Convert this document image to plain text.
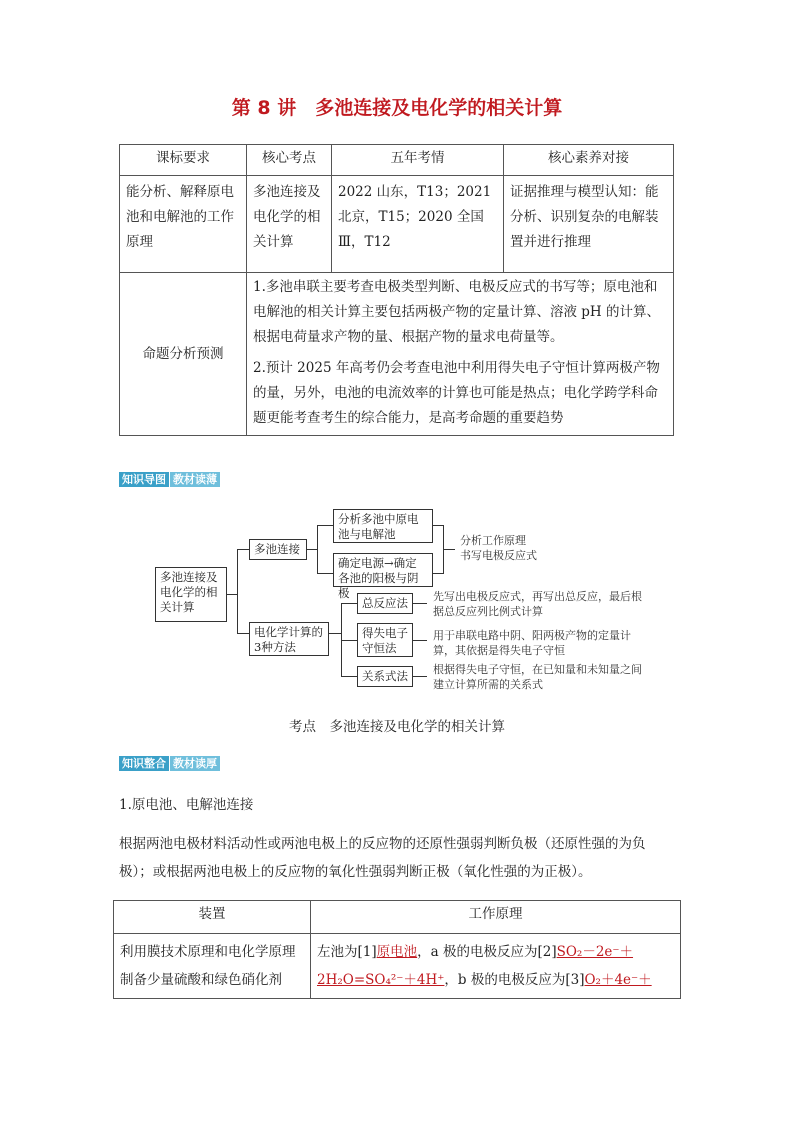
第 8 讲　多池连接及电化学的相关计算
课标要求	核心考点	五年考情	核心素养对接
能分析、解释原电池和电解池的工作原理	多池连接及电化学的相关计算	2022 山东，T13；2021 北京，T15；2020 全国Ⅲ，T12	证据推理与模型认知：能分析、识别复杂的电解装置并进行推理
命题分析预测	1.多池串联主要考查电极类型判断、电极反应式的书写等；原电池和电解池的相关计算主要包括两极产物的定量计算、溶液 pH 的计算、根据电荷量求产物的量、根据产物的量求电荷量等。

2.预计 2025 年高考仍会考查电池中利用得失电子守恒计算两极产物的量，另外，电池的电流效率的计算也可能是热点；电化学跨学科命题更能考查考生的综合能力，是高考命题的重要趋势		

知识导图 教材读薄
多池连接及电化学的相关计算
多池连接
分析多池中原电池与电解池
确定电源→确定各池的阳极与阴极
分析工作原理
书写电极反应式
电化学计算的3种方法
总反应法
得失电子守恒法
关系式法
先写出电极反应式，再写出总反应，最后根据总反应列比例式计算
用于串联电路中阴、阳两极产物的定量计算，其依据是得失电子守恒
根据得失电子守恒，在已知量和未知量之间建立计算所需的关系式
考点　多池连接及电化学的相关计算
知识整合 教材读厚
1.原电池、电解池连接
根据两池电极材料活动性或两池电极上的反应物的还原性强弱判断负极（还原性强的为负极）；或根据两池电极上的反应物的氧化性强弱判断正极（氧化性强的为正极）。
装置	工作原理
利用膜技术原理和电化学原理制备少量硫酸和绿色硝化剂	左池为[1]原电池，a 极的电极反应为[2]SO₂－2e⁻＋
2H₂O=SO₄²⁻＋4H⁺，b 极的电极反应为[3]O₂＋4e⁻＋
